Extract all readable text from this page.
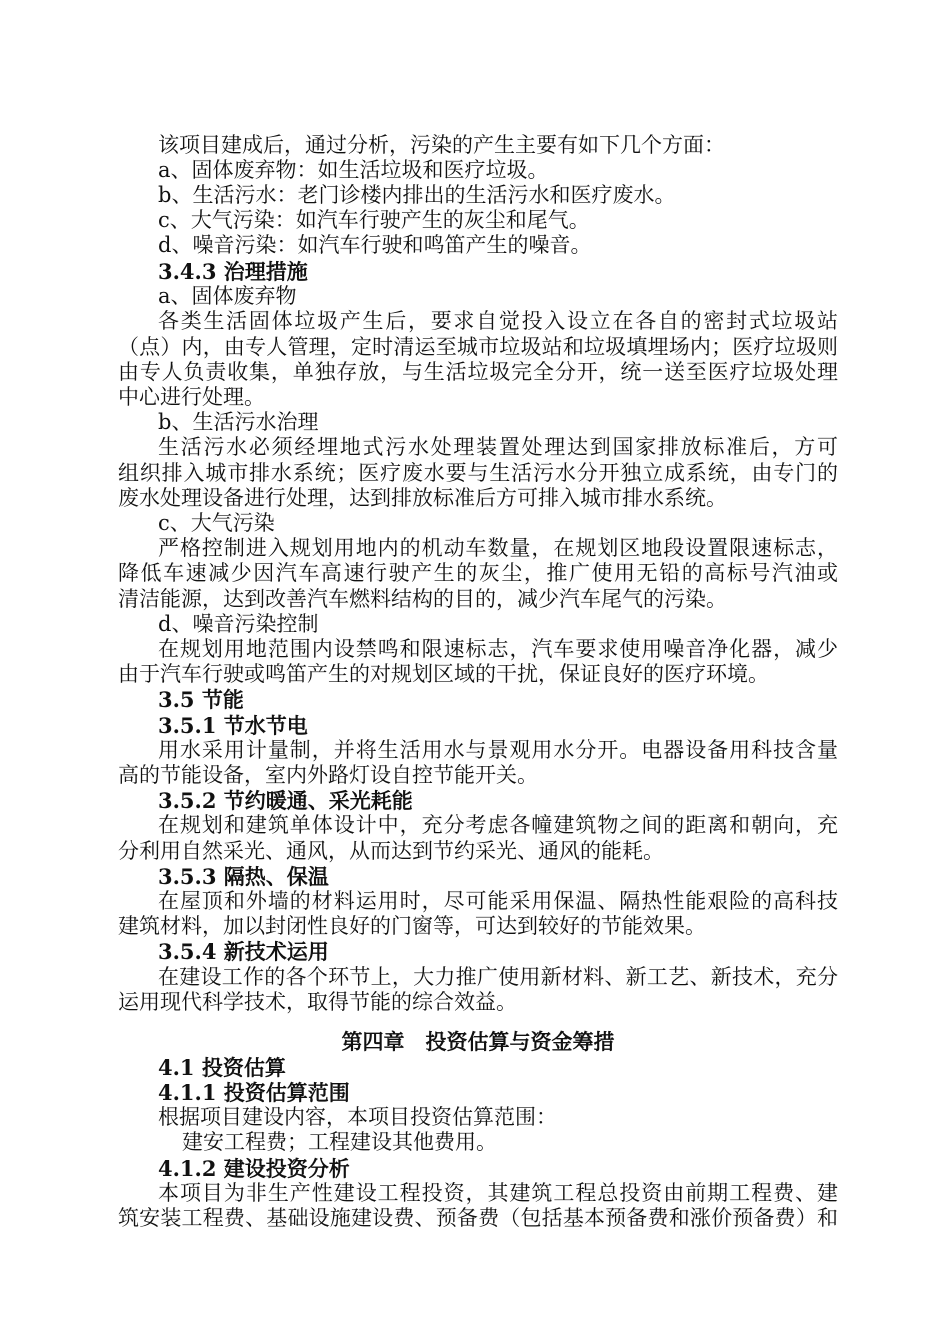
该项目建成后，通过分析，污染的产生主要有如下几个方面：
a、固体废弃物：如生活垃圾和医疗垃圾。
b、生活污水：老门诊楼内排出的生活污水和医疗废水。
c、大气污染：如汽车行驶产生的灰尘和尾气。
d、噪音污染：如汽车行驶和鸣笛产生的噪音。
3.4.3 治理措施
a、固体废弃物
各类生活固体垃圾产生后，要求自觉投入设立在各自的密封式垃圾站
（点）内，由专人管理，定时清运至城市垃圾站和垃圾填埋场内；医疗垃圾则
由专人负责收集，单独存放，与生活垃圾完全分开，统一送至医疗垃圾处理
中心进行处理。
b、生活污水治理
生活污水必须经埋地式污水处理装置处理达到国家排放标准后，方可
组织排入城市排水系统；医疗废水要与生活污水分开独立成系统，由专门的
废水处理设备进行处理，达到排放标准后方可排入城市排水系统。
c、大气污染
严格控制进入规划用地内的机动车数量，在规划区地段设置限速标志，
降低车速减少因汽车高速行驶产生的灰尘，推广使用无铅的高标号汽油或
清洁能源，达到改善汽车燃料结构的目的，减少汽车尾气的污染。
d、噪音污染控制
在规划用地范围内设禁鸣和限速标志，汽车要求使用噪音净化器，减少
由于汽车行驶或鸣笛产生的对规划区域的干扰，保证良好的医疗环境。
3.5 节能
3.5.1 节水节电
用水采用计量制，并将生活用水与景观用水分开。电器设备用科技含量
高的节能设备，室内外路灯设自控节能开关。
3.5.2 节约暖通、采光耗能
在规划和建筑单体设计中，充分考虑各幢建筑物之间的距离和朝向，充
分利用自然采光、通风，从而达到节约采光、通风的能耗。
3.5.3 隔热、保温
在屋顶和外墙的材料运用时，尽可能采用保温、隔热性能艰险的高科技
建筑材料，加以封闭性良好的门窗等，可达到较好的节能效果。
3.5.4 新技术运用
在建设工作的各个环节上，大力推广使用新材料、新工艺、新技术，充分
运用现代科学技术，取得节能的综合效益。
第四章　投资估算与资金筹措
4.1 投资估算
4.1.1 投资估算范围
根据项目建设内容，本项目投资估算范围：
建安工程费；工程建设其他费用。
4.1.2 建设投资分析
本项目为非生产性建设工程投资，其建筑工程总投资由前期工程费、建
筑安装工程费、基础设施建设费、预备费（包括基本预备费和涨价预备费）和
